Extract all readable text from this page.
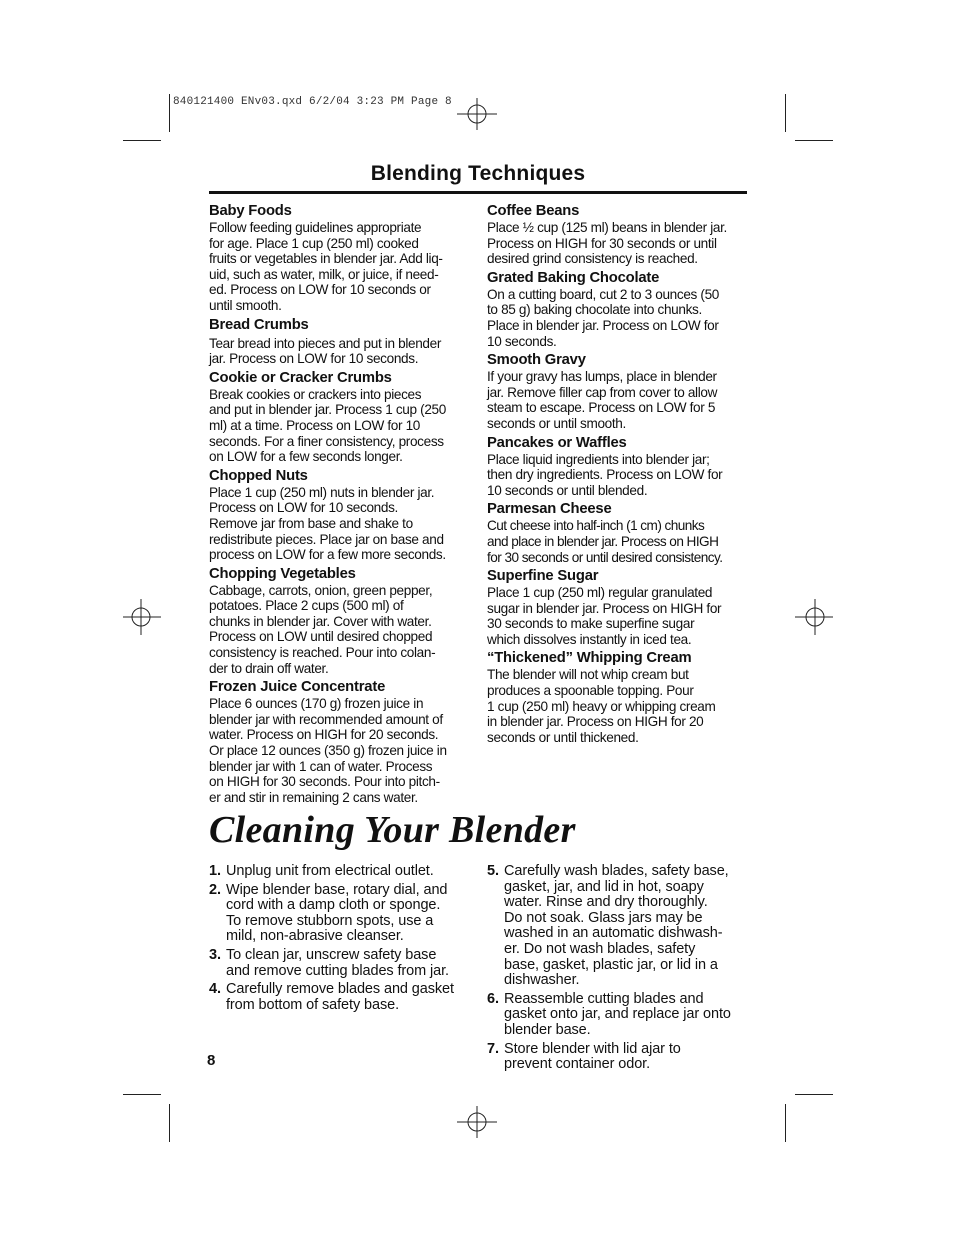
840121400 ENv03.qxd 6/2/04 3:23 PM Page 8
Blending Techniques
Baby Foods

Follow feeding guidelines appropriate
for age. Place 1 cup (250 ml) cooked
fruits or vegetables in blender jar. Add liq-
uid, such as water, milk, or juice, if need-
ed. Process on LOW for 10 seconds or
until smooth.

Bread Crumbs

Tear bread into pieces and put in blender
jar. Process on LOW for 10 seconds.

Cookie or Cracker Crumbs

Break cookies or crackers into pieces
and put in blender jar. Process 1 cup (250
ml) at a time. Process on LOW for 10
seconds. For a finer consistency, process
on LOW for a few seconds longer.

Chopped Nuts

Place 1 cup (250 ml) nuts in blender jar.
Process on LOW for 10 seconds.
Remove jar from base and shake to
redistribute pieces. Place jar on base and
process on LOW for a few more seconds.

Chopping Vegetables

Cabbage, carrots, onion, green pepper,
potatoes. Place 2 cups (500 ml) of
chunks in blender jar. Cover with water.
Process on LOW until desired chopped
consistency is reached. Pour into colan-
der to drain off water.

Frozen Juice Concentrate

Place 6 ounces (170 g) frozen juice in
blender jar with recommended amount of
water. Process on HIGH for 20 seconds.
Or place 12 ounces (350 g) frozen juice in
blender jar with 1 can of water. Process
on HIGH for 30 seconds. Pour into pitch-
er and stir in remaining 2 cans water.

Coffee Beans

Place ½ cup (125 ml) beans in blender jar.
Process on HIGH for 30 seconds or until
desired grind consistency is reached.

Grated Baking Chocolate

On a cutting board, cut 2 to 3 ounces (50
to 85 g) baking chocolate into chunks.
Place in blender jar. Process on LOW for
10 seconds.

Smooth Gravy

If your gravy has lumps, place in blender
jar. Remove filler cap from cover to allow
steam to escape. Process on LOW for 5
seconds or until smooth.

Pancakes or Waffles

Place liquid ingredients into blender jar;
then dry ingredients. Process on LOW for
10 seconds or until blended.

Parmesan Cheese

Cut cheese into half-inch (1 cm) chunks
and place in blender jar. Process on HIGH
for 30 seconds or until desired consistency.

Superfine Sugar

Place 1 cup (250 ml) regular granulated
sugar in blender jar. Process on HIGH for
30 seconds to make superfine sugar
which dissolves instantly in iced tea.

“Thickened” Whipping Cream

The blender will not whip cream but
produces a spoonable topping. Pour
1 cup (250 ml) heavy or whipping cream
in blender jar. Process on HIGH for 20
seconds or until thickened.

Cleaning Your Blender
1. Unplug unit from electrical outlet.
2. Wipe blender base, rotary dial, and
cord with a damp cloth or sponge.
To remove stubborn spots, use a
mild, non-abrasive cleanser.
3. To clean jar, unscrew safety base
and remove cutting blades from jar.
4. Carefully remove blades and gasket
from bottom of safety base.
5. Carefully wash blades, safety base,
gasket, jar, and lid in hot, soapy
water. Rinse and dry thoroughly.
Do not soak. Glass jars may be
washed in an automatic dishwash-
er. Do not wash blades, safety
base, gasket, plastic jar, or lid in a
dishwasher.
6. Reassemble cutting blades and
gasket onto jar, and replace jar onto
blender base.
7. Store blender with lid ajar to
prevent container odor.
8
